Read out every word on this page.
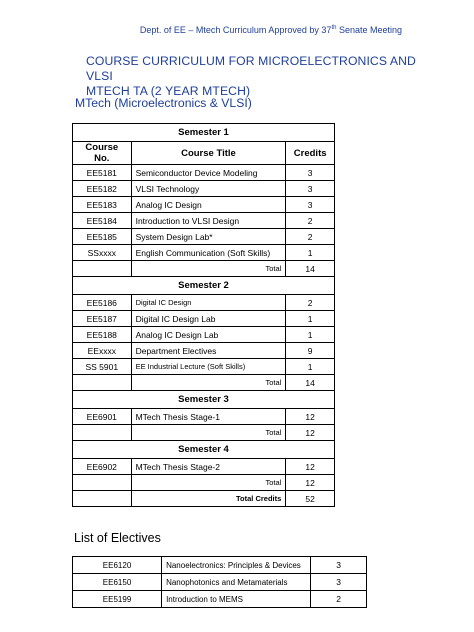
Dept. of EE – Mtech Curriculum Approved by 37th Senate Meeting
COURSE CURRICULUM FOR MICROELECTRONICS AND VLSI
MTECH TA (2 YEAR MTECH)
MTech (Microelectronics & VLSI)
Semester 1		
Course No.	Course Title	Credits
EE5181	Semiconductor Device Modeling	3
EE5182	VLSI Technology	3
EE5183	Analog IC Design	3
EE5184	Introduction to VLSI Design	2
EE5185	System Design Lab*	2
SSxxxx	English Communication (Soft Skills)	1
	Total	14
Semester 2		
EE5186	Digital IC Design	2
EE5187	Digital IC Design Lab	1
EE5188	Analog IC Design Lab	1
EExxxx	Department Electives	9
SS 5901	EE Industrial Lecture (Soft Skills)	1
	Total	14
Semester 3		
EE6901	MTech Thesis Stage-1	12
	Total	12
Semester 4		
EE6902	MTech Thesis Stage-2	12
	Total	12
	Total Credits	52
List of Electives
EE6120	Nanoelectronics: Principles & Devices	3
EE6150	Nanophotonics and Metamaterials	3
EE5199	Introduction to MEMS	2
